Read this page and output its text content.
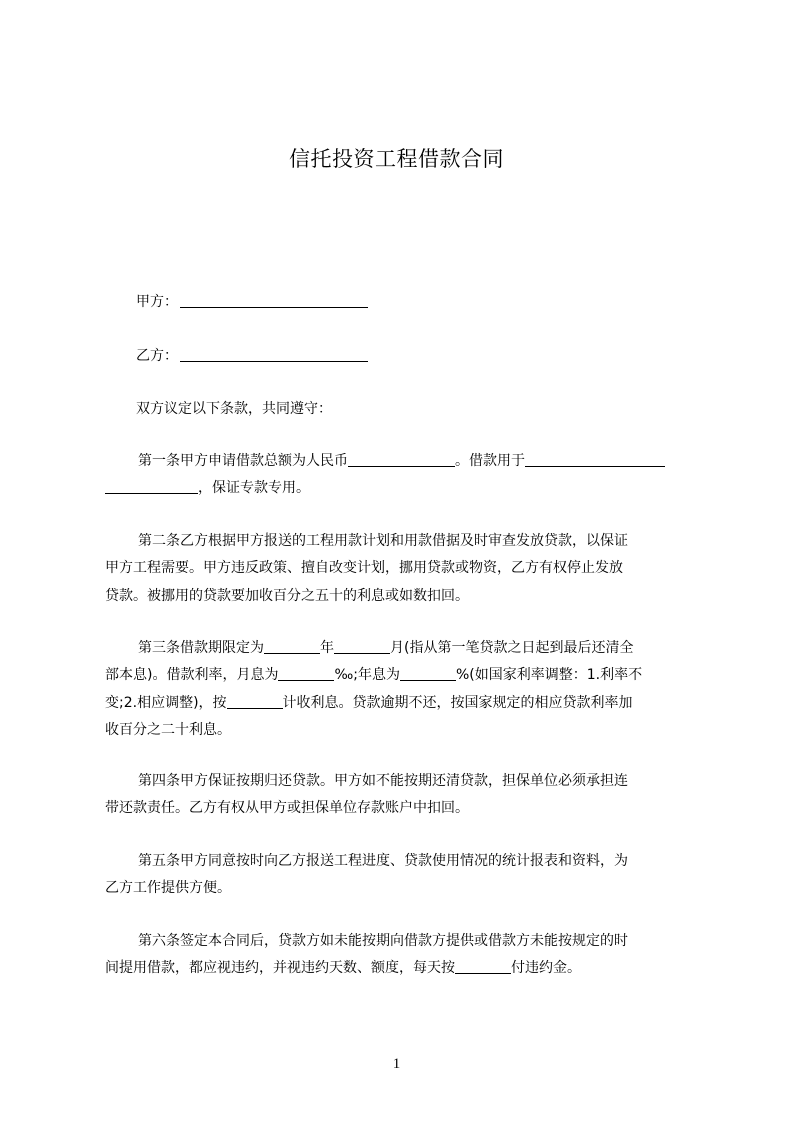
信托投资工程借款合同
甲方：
乙方：
双方议定以下条款，共同遵守：
第一条甲方申请借款总额为人民币	。借款用于
，保证专款专用。
第二条乙方根据甲方报送的工程用款计划和用款借据及时审查发放贷款，以保证
甲方工程需要。甲方违反政策、擅自改变计划，挪用贷款或物资，乙方有权停止发放
贷款。被挪用的贷款要加收百分之五十的利息或如数扣回。
第三条借款期限定为	年	月(指从第一笔贷款之日起到最后还清全
部本息)。借款利率，月息为	‰;年息为	%(如国家利率调整：1.利率不
变;2.相应调整)，按	计收利息。贷款逾期不还，按国家规定的相应贷款利率加
收百分之二十利息。
第四条甲方保证按期归还贷款。甲方如不能按期还清贷款，担保单位必须承担连
带还款责任。乙方有权从甲方或担保单位存款账户中扣回。
第五条甲方同意按时向乙方报送工程进度、贷款使用情况的统计报表和资料，为
乙方工作提供方便。
第六条签定本合同后，贷款方如未能按期向借款方提供或借款方未能按规定的时
间提用借款，都应视违约，并视违约天数、额度，每天按	付违约金。
1
